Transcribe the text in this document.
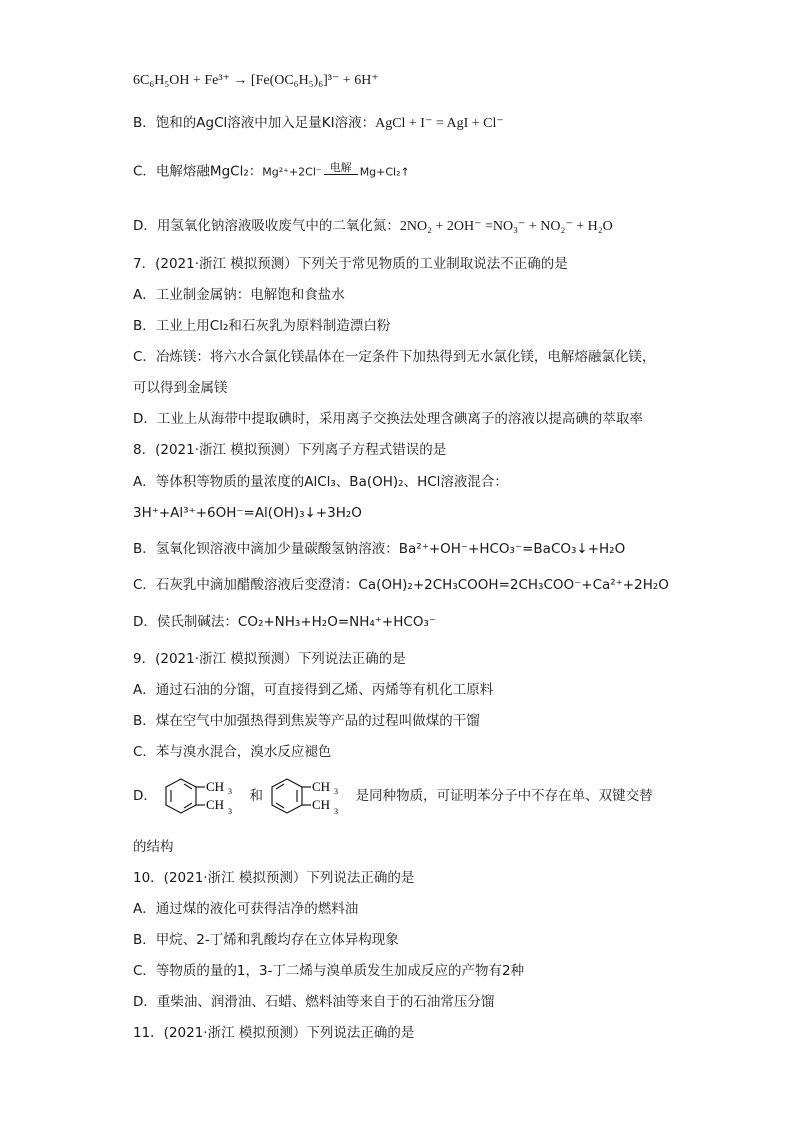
6C₆H₅OH + Fe³⁺ → [Fe(OC₆H₅)₆]³⁻ + 6H⁺
B．饱和的AgCl溶液中加入足量KI溶液：AgCl + I⁻ = AgI + Cl⁻
C．电解熔融MgCl₂：Mg²⁺+2Cl⁻ 电解 Mg+Cl₂↑
D．用氢氧化钠溶液吸收废气中的二氧化氮：2NO₂ + 2OH⁻ =NO₃⁻ + NO₂⁻ + H₂O
7．(2021·浙江 模拟预测）下列关于常见物质的工业制取说法不正确的是
A．工业制金属钠：电解饱和食盐水
B．工业上用Cl₂和石灰乳为原料制造漂白粉
C．冶炼镁：将六水合氯化镁晶体在一定条件下加热得到无水氯化镁，电解熔融氯化镁，
可以得到金属镁
D．工业上从海带中提取碘时，采用离子交换法处理含碘离子的溶液以提高碘的萃取率
8．(2021·浙江 模拟预测）下列离子方程式错误的是
A．等体积等物质的量浓度的AlCl₃、Ba(OH)₂、HCl溶液混合：
3H⁺+Al³⁺+6OH⁻=Al(OH)₃↓+3H₂O
B．氢氧化钡溶液中滴加少量碳酸氢钠溶液：Ba²⁺+OH⁻+HCO₃⁻=BaCO₃↓+H₂O
C．石灰乳中滴加醋酸溶液后变澄清：Ca(OH)₂+2CH₃COOH=2CH₃COO⁻+Ca²⁺+2H₂O
D．侯氏制碱法：CO₂+NH₃+H₂O=NH₄⁺+HCO₃⁻
9．(2021·浙江 模拟预测）下列说法正确的是
A．通过石油的分馏，可直接得到乙烯、丙烯等有机化工原料
B．煤在空气中加强热得到焦炭等产品的过程叫做煤的干馏
C．苯与溴水混合，溴水反应褪色
D．
CH 3
CH 3
和
CH 3
CH 3
是同种物质，可证明苯分子中不存在单、双键交替
的结构
10．(2021·浙江 模拟预测）下列说法正确的是
A．通过煤的液化可获得洁净的燃料油
B．甲烷、2-丁烯和乳酸均存在立体异构现象
C．等物质的量的1，3-丁二烯与溴单质发生加成反应的产物有2种
D．重柴油、润滑油、石蜡、燃料油等来自于的石油常压分馏
11．(2021·浙江 模拟预测）下列说法正确的是
